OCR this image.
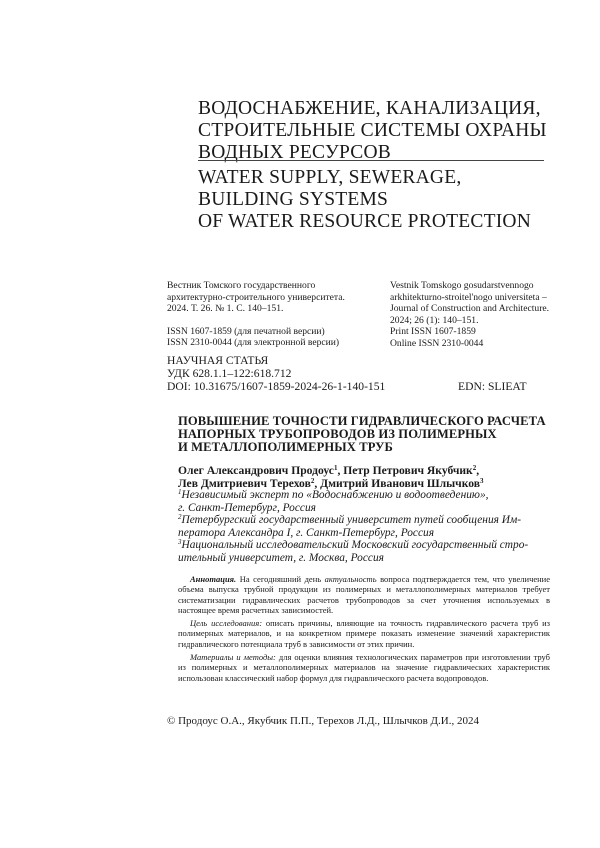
ВОДОСНАБЖЕНИЕ, КАНАЛИЗАЦИЯ,
СТРОИТЕЛЬНЫЕ СИСТЕМЫ ОХРАНЫ
ВОДНЫХ РЕСУРСОВ
WATER SUPPLY, SEWERAGE,
BUILDING SYSTEMS
OF WATER RESOURCE PROTECTION
Вестник Томского государственного
архитектурно-строительного университета.
2024. Т. 26. № 1. С. 140–151.
ISSN 1607-1859 (для печатной версии)
ISSN 2310-0044 (для электронной версии)
Vestnik Tomskogo gosudarstvennogo
arkhitekturno-stroitel'nogo universiteta –
Journal of Construction and Architecture.
2024; 26 (1): 140–151.
Print ISSN 1607-1859
Online ISSN 2310-0044
НАУЧНАЯ СТАТЬЯ
УДК 628.1.1–122:618.712
DOI: 10.31675/1607-1859-2024-26-1-140-151	EDN: SLIEAT
ПОВЫШЕНИЕ ТОЧНОСТИ ГИДРАВЛИЧЕСКОГО РАСЧЕТА
НАПОРНЫХ ТРУБОПРОВОДОВ ИЗ ПОЛИМЕРНЫХ
И МЕТАЛЛОПОЛИМЕРНЫХ ТРУБ
Олег Александрович Продоус$^1$, Петр Петрович Якубчик$^2$,
Лев Дмитриевич Терехов$^2$, Дмитрий Иванович Шлычков$^3$
$^1$Независимый эксперт по «Водоснабжению и водоотведению»,
г. Санкт-Петербург, Россия
$^2$Петербургский государственный университет путей сообщения Им-
ператора Александра I, г. Санкт-Петербург, Россия
$^3$Национальный исследовательский Московский государственный стро-
ительный университет, г. Москва, Россия

Аннотация. На сегодняшний день актуальность вопроса подтверждается тем, что увеличение объема выпуска трубной продукции из полимерных и металлополимерных материалов требует систематизации гидравлических расчетов трубопроводов за счет уточнения используемых в настоящее время расчетных зависимостей.

Цель исследования: описать причины, влияющие на точность гидравлического расчета труб из полимерных материалов, и на конкретном примере показать изменение значений характеристик гидравлического потенциала труб в зависимости от этих причин.

Материалы и методы: для оценки влияния технологических параметров при изготовлении труб из полимерных и металлополимерных материалов на значение гидравлических характеристик использован классический набор формул для гидравлического расчета водопроводов.

© Продоус О.А., Якубчик П.П., Терехов Л.Д., Шлычков Д.И., 2024
